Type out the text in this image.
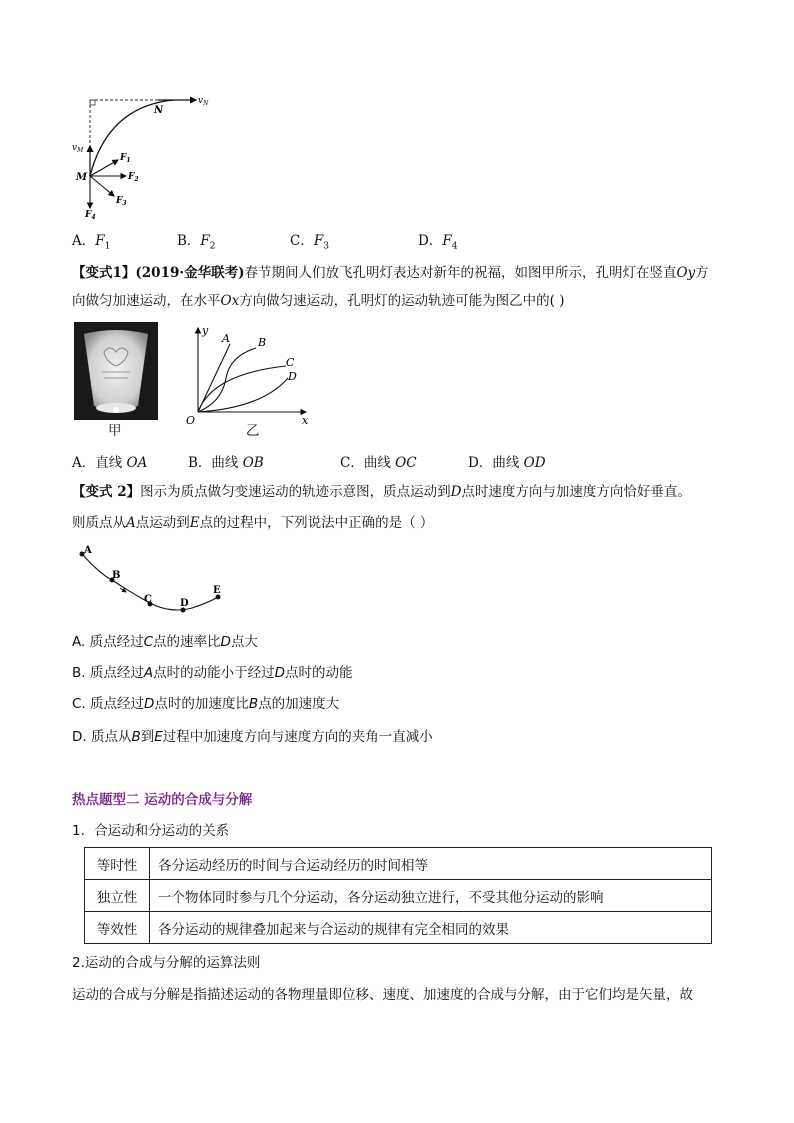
$v_N$
N
$v_M$
M
$F_1$
$F_2$
$F_3$
$F_4$
A．$F_1$	B．$F_2$	C．$F_3$	D．$F_4$
【变式1】(2019·金华联考)春节期间人们放飞孔明灯表达对新年的祝福，如图甲所示，孔明灯在竖直Oy方
向做匀加速运动，在水平Ox方向做匀速运动，孔明灯的运动轨迹可能为图乙中的( )
甲
y
x
O
A	B
C
D
乙
A．直线 OA	B．曲线 OB	C．曲线 OC	D．曲线 OD
【变式 2】图示为质点做匀变速运动的轨迹示意图，质点运动到D点时速度方向与加速度方向恰好垂直。
则质点从A点运动到E点的过程中，下列说法中正确的是（ ）
A
B
C	D
E
A. 质点经过C点的速率比D点大
B. 质点经过A点时的动能小于经过D点时的动能
C. 质点经过D点时的加速度比B点的加速度大
D. 质点从B到E过程中加速度方向与速度方向的夹角一直减小
热点题型二 运动的合成与分解
1．合运动和分运动的关系
等时性	各分运动经历的时间与合运动经历的时间相等
独立性	一个物体同时参与几个分运动，各分运动独立进行，不受其他分运动的影响
等效性	各分运动的规律叠加起来与合运动的规律有完全相同的效果
2.运动的合成与分解的运算法则
运动的合成与分解是指描述运动的各物理量即位移、速度、加速度的合成与分解，由于它们均是矢量，故
